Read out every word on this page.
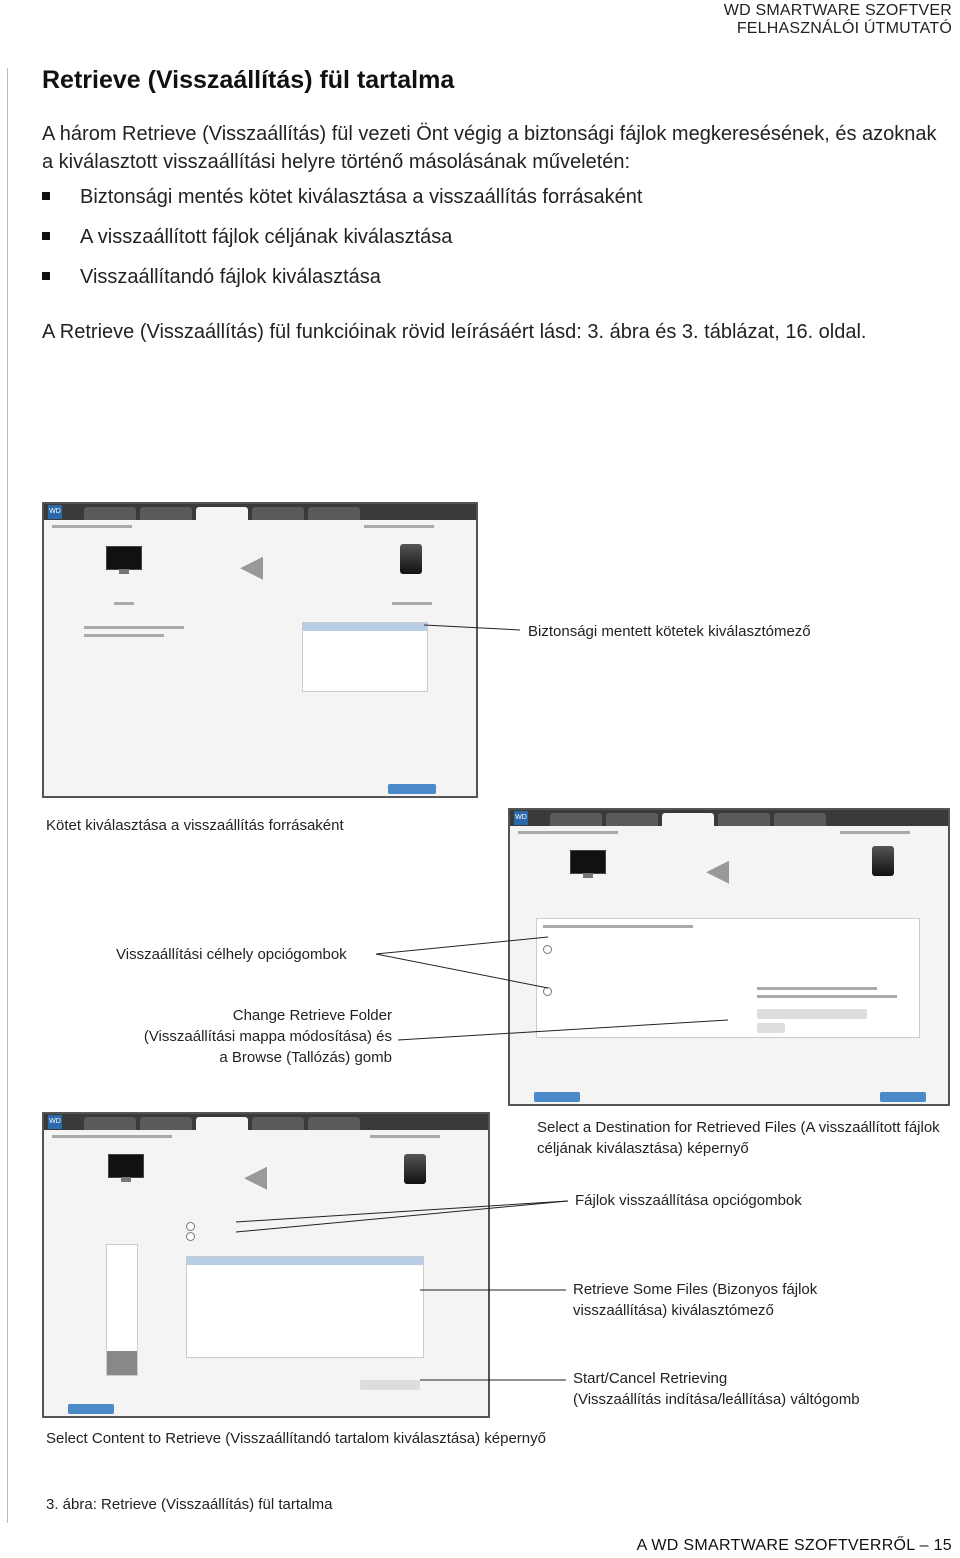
WD SMARTWARE SZOFTVER
FELHASZNÁLÓI ÚTMUTATÓ
Retrieve (Visszaállítás) fül tartalma
A három Retrieve (Visszaállítás) fül vezeti Önt végig a biztonsági fájlok megkeresésének, és azoknak a kiválasztott visszaállítási helyre történő másolásának műveletén:
Biztonsági mentés kötet kiválasztása a visszaállítás forrásaként
A visszaállított fájlok céljának kiválasztása
Visszaállítandó fájlok kiválasztása
A Retrieve (Visszaállítás) fül funkcióinak rövid leírásáért lásd: 3. ábra és 3. táblázat, 16. oldal.
WD
◀
WD
◀
WD
◀
Biztonsági mentett kötetek kiválasztómező
Kötet kiválasztása a visszaállítás forrásaként
Visszaállítási célhely opciógombok
Change Retrieve Folder
(Visszaállítási mappa módosítása) és
a Browse (Tallózás) gomb
Select a Destination for Retrieved Files (A visszaállított fájlok céljának kiválasztása) képernyő
Fájlok visszaállítása opciógombok
Retrieve Some Files (Bizonyos fájlok
visszaállítása) kiválasztómező
Start/Cancel Retrieving
(Visszaállítás indítása/leállítása) váltógomb
Select Content to Retrieve (Visszaállítandó tartalom kiválasztása) képernyő
3. ábra: Retrieve (Visszaállítás) fül tartalma
A WD SMARTWARE SZOFTVERRŐL – 15
